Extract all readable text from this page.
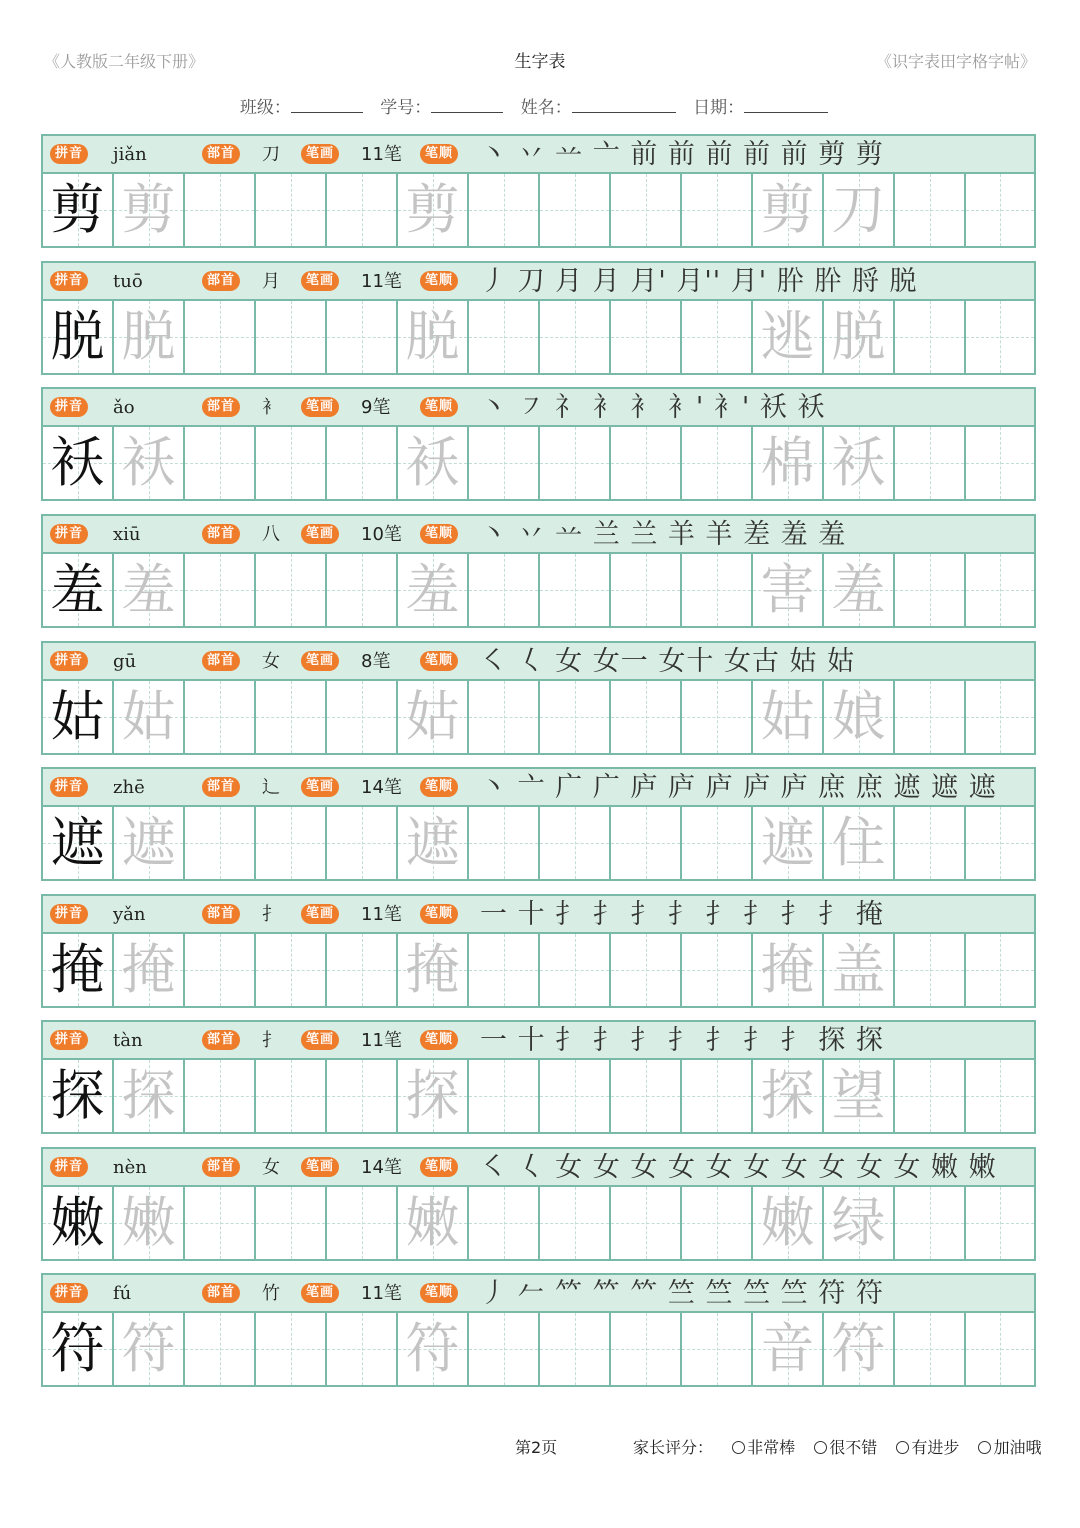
《人教版二年级下册》	生字表	《识字表田字格字帖》
班级：	学号：	姓名：	日期：
拼音 jiǎn	部首 刀	笔画 11笔	笔顺 丶 丷 䒑 亠 前 前 前 前 前 剪 剪
剪 剪	剪	剪 刀
拼音 tuō	部首 月	笔画 11笔	笔顺 丿 刀 月 月 月' 月'' 月' 肸 肸 脟 脱
脱 脱	脱	逃 脱
拼音 ǎo	部首 衤	笔画 9笔	笔顺 丶 ㇇ 礻 衤 衤 衤' 衤' 袄 袄
袄 袄	袄	棉 袄
拼音 xiū	部首 八	笔画 10笔	笔顺 丶 丷 䒑 兰 兰 羊 羊 差 羞 羞
羞 羞	羞	害 羞
拼音 gū	部首 女	笔画 8笔	笔顺 ㇛ 𡿨 女 女一 女十 女古 姑 姑
姑 姑	姑	姑 娘
拼音 zhē	部首 辶	笔画 14笔	笔顺 丶 亠 广 广 庐 庐 庐 庐 庐 庶 庶 遮 遮 遮
遮 遮	遮	遮 住
拼音 yǎn	部首 扌	笔画 11笔	笔顺 一 十 扌 扌 扌 扌 扌 扌 扌 扌 掩
掩 掩	掩	掩 盖
拼音 tàn	部首 扌	笔画 11笔	笔顺 一 十 扌 扌 扌 扌 扌 扌 扌 探 探
探 探	探	探 望
拼音 nèn	部首 女	笔画 14笔	笔顺 ㇛ 𡿨 女 女 女 女 女 女 女 女 女 女 嫩 嫩
嫩 嫩	嫩	嫩 绿
拼音 fú	部首 竹	笔画 11笔	笔顺 丿 𠂉 𥫗 𥫗 𥫗 竺 竺 竺 竺 符 符
符 符	符	音 符
第2页	家长评分： 非常棒 很不错 有进步 加油哦
